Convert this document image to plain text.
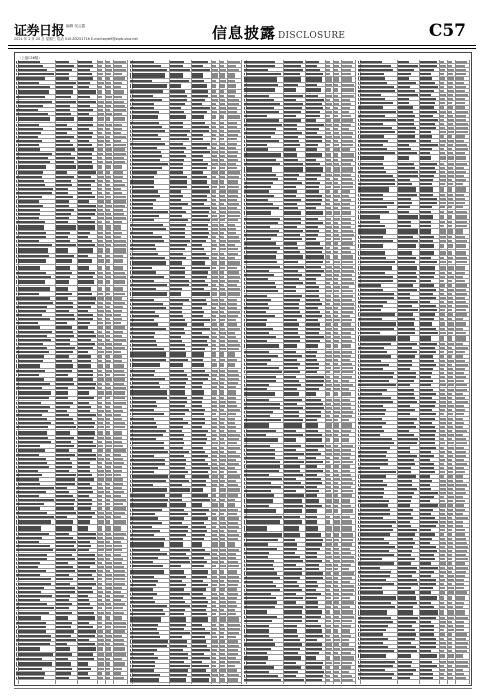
证券日报 编辑 吴云霞
2021 年 1 月 20 日 星期三 电话 010-83251716 E-mail:zqrb9@zqrb.sina.net	信息披露 DISCLOSURE	C57
（上接C56版）
